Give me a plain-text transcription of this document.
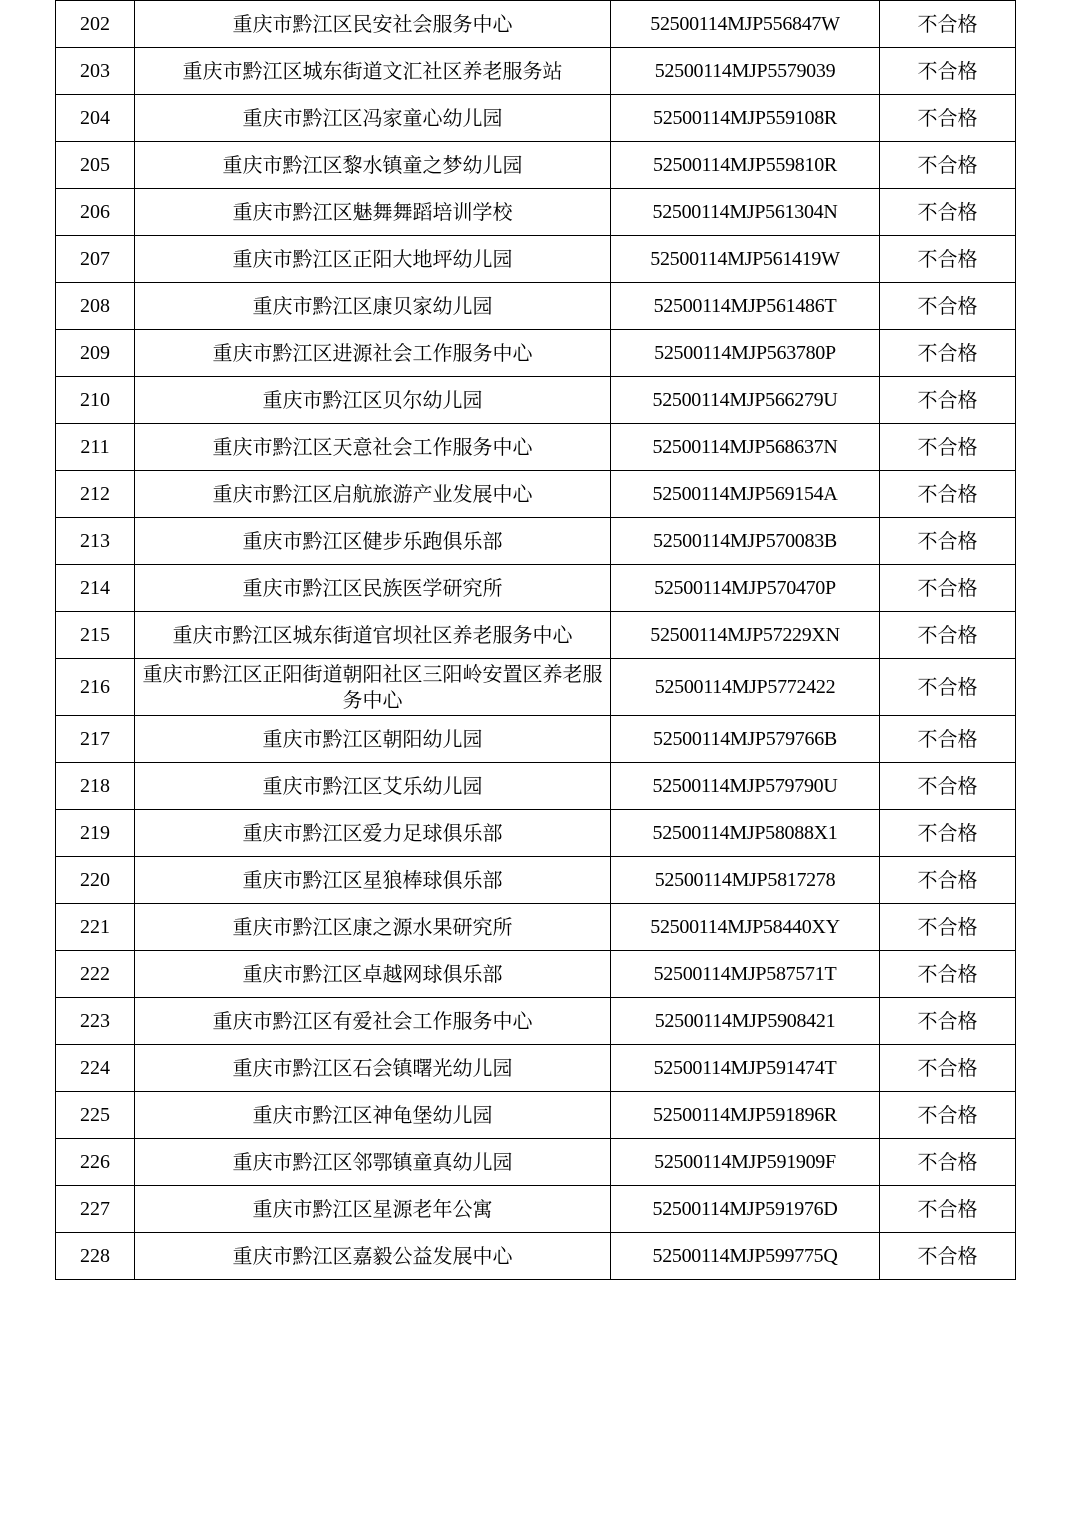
202	重庆市黔江区民安社会服务中心	52500114MJP556847W	不合格
203	重庆市黔江区城东街道文汇社区养老服务站	52500114MJP5579039	不合格
204	重庆市黔江区冯家童心幼儿园	52500114MJP559108R	不合格
205	重庆市黔江区黎水镇童之梦幼儿园	52500114MJP559810R	不合格
206	重庆市黔江区魅舞舞蹈培训学校	52500114MJP561304N	不合格
207	重庆市黔江区正阳大地坪幼儿园	52500114MJP561419W	不合格
208	重庆市黔江区康贝家幼儿园	52500114MJP561486T	不合格
209	重庆市黔江区进源社会工作服务中心	52500114MJP563780P	不合格
210	重庆市黔江区贝尔幼儿园	52500114MJP566279U	不合格
211	重庆市黔江区天意社会工作服务中心	52500114MJP568637N	不合格
212	重庆市黔江区启航旅游产业发展中心	52500114MJP569154A	不合格
213	重庆市黔江区健步乐跑俱乐部	52500114MJP570083B	不合格
214	重庆市黔江区民族医学研究所	52500114MJP570470P	不合格
215	重庆市黔江区城东街道官坝社区养老服务中心	52500114MJP57229XN	不合格
216	重庆市黔江区正阳街道朝阳社区三阳岭安置区养老服务中心	52500114MJP5772422	不合格
217	重庆市黔江区朝阳幼儿园	52500114MJP579766B	不合格
218	重庆市黔江区艾乐幼儿园	52500114MJP579790U	不合格
219	重庆市黔江区爱力足球俱乐部	52500114MJP58088X1	不合格
220	重庆市黔江区星狼棒球俱乐部	52500114MJP5817278	不合格
221	重庆市黔江区康之源水果研究所	52500114MJP58440XY	不合格
222	重庆市黔江区卓越网球俱乐部	52500114MJP587571T	不合格
223	重庆市黔江区有爱社会工作服务中心	52500114MJP5908421	不合格
224	重庆市黔江区石会镇曙光幼儿园	52500114MJP591474T	不合格
225	重庆市黔江区神龟堡幼儿园	52500114MJP591896R	不合格
226	重庆市黔江区邻鄂镇童真幼儿园	52500114MJP591909F	不合格
227	重庆市黔江区星源老年公寓	52500114MJP591976D	不合格
228	重庆市黔江区嘉毅公益发展中心	52500114MJP599775Q	不合格
